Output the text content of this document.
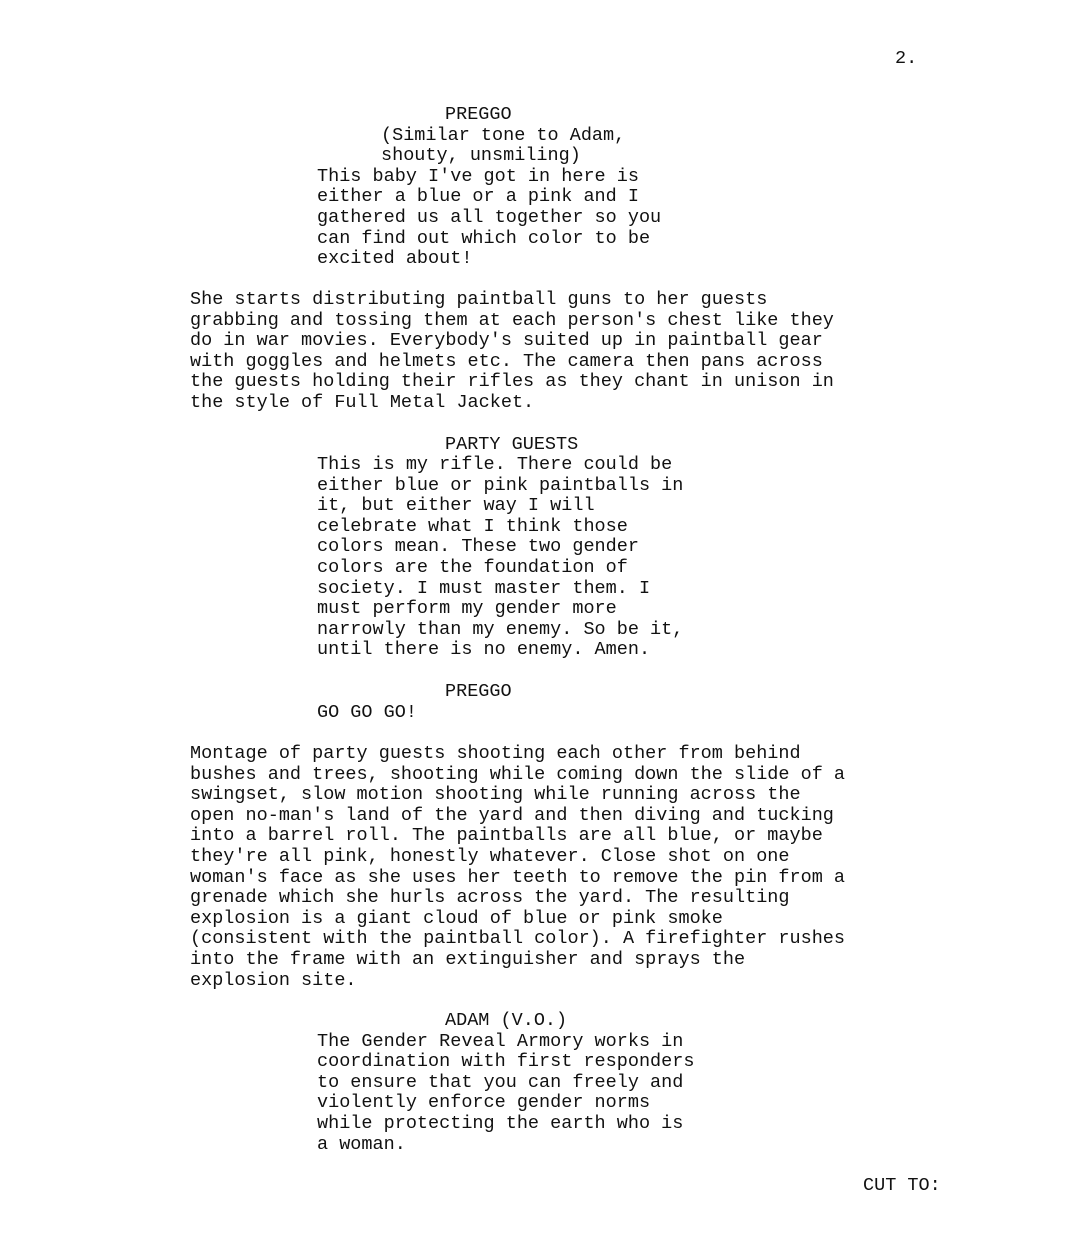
2.
PREGGO
(Similar tone to Adam,
shouty, unsmiling)
This baby I've got in here is
either a blue or a pink and I
gathered us all together so you
can find out which color to be
excited about!
She starts distributing paintball guns to her guests
grabbing and tossing them at each person's chest like they
do in war movies. Everybody's suited up in paintball gear
with goggles and helmets etc. The camera then pans across
the guests holding their rifles as they chant in unison in
the style of Full Metal Jacket.
PARTY GUESTS
This is my rifle. There could be
either blue or pink paintballs in
it, but either way I will
celebrate what I think those
colors mean. These two gender
colors are the foundation of
society. I must master them. I
must perform my gender more
narrowly than my enemy. So be it,
until there is no enemy. Amen.
PREGGO
GO GO GO!
Montage of party guests shooting each other from behind
bushes and trees, shooting while coming down the slide of a
swingset, slow motion shooting while running across the
open no-man's land of the yard and then diving and tucking
into a barrel roll. The paintballs are all blue, or maybe
they're all pink, honestly whatever. Close shot on one
woman's face as she uses her teeth to remove the pin from a
grenade which she hurls across the yard. The resulting
explosion is a giant cloud of blue or pink smoke
(consistent with the paintball color). A firefighter rushes
into the frame with an extinguisher and sprays the
explosion site.
ADAM (V.O.)
The Gender Reveal Armory works in
coordination with first responders
to ensure that you can freely and
violently enforce gender norms
while protecting the earth who is
a woman.
CUT TO:
